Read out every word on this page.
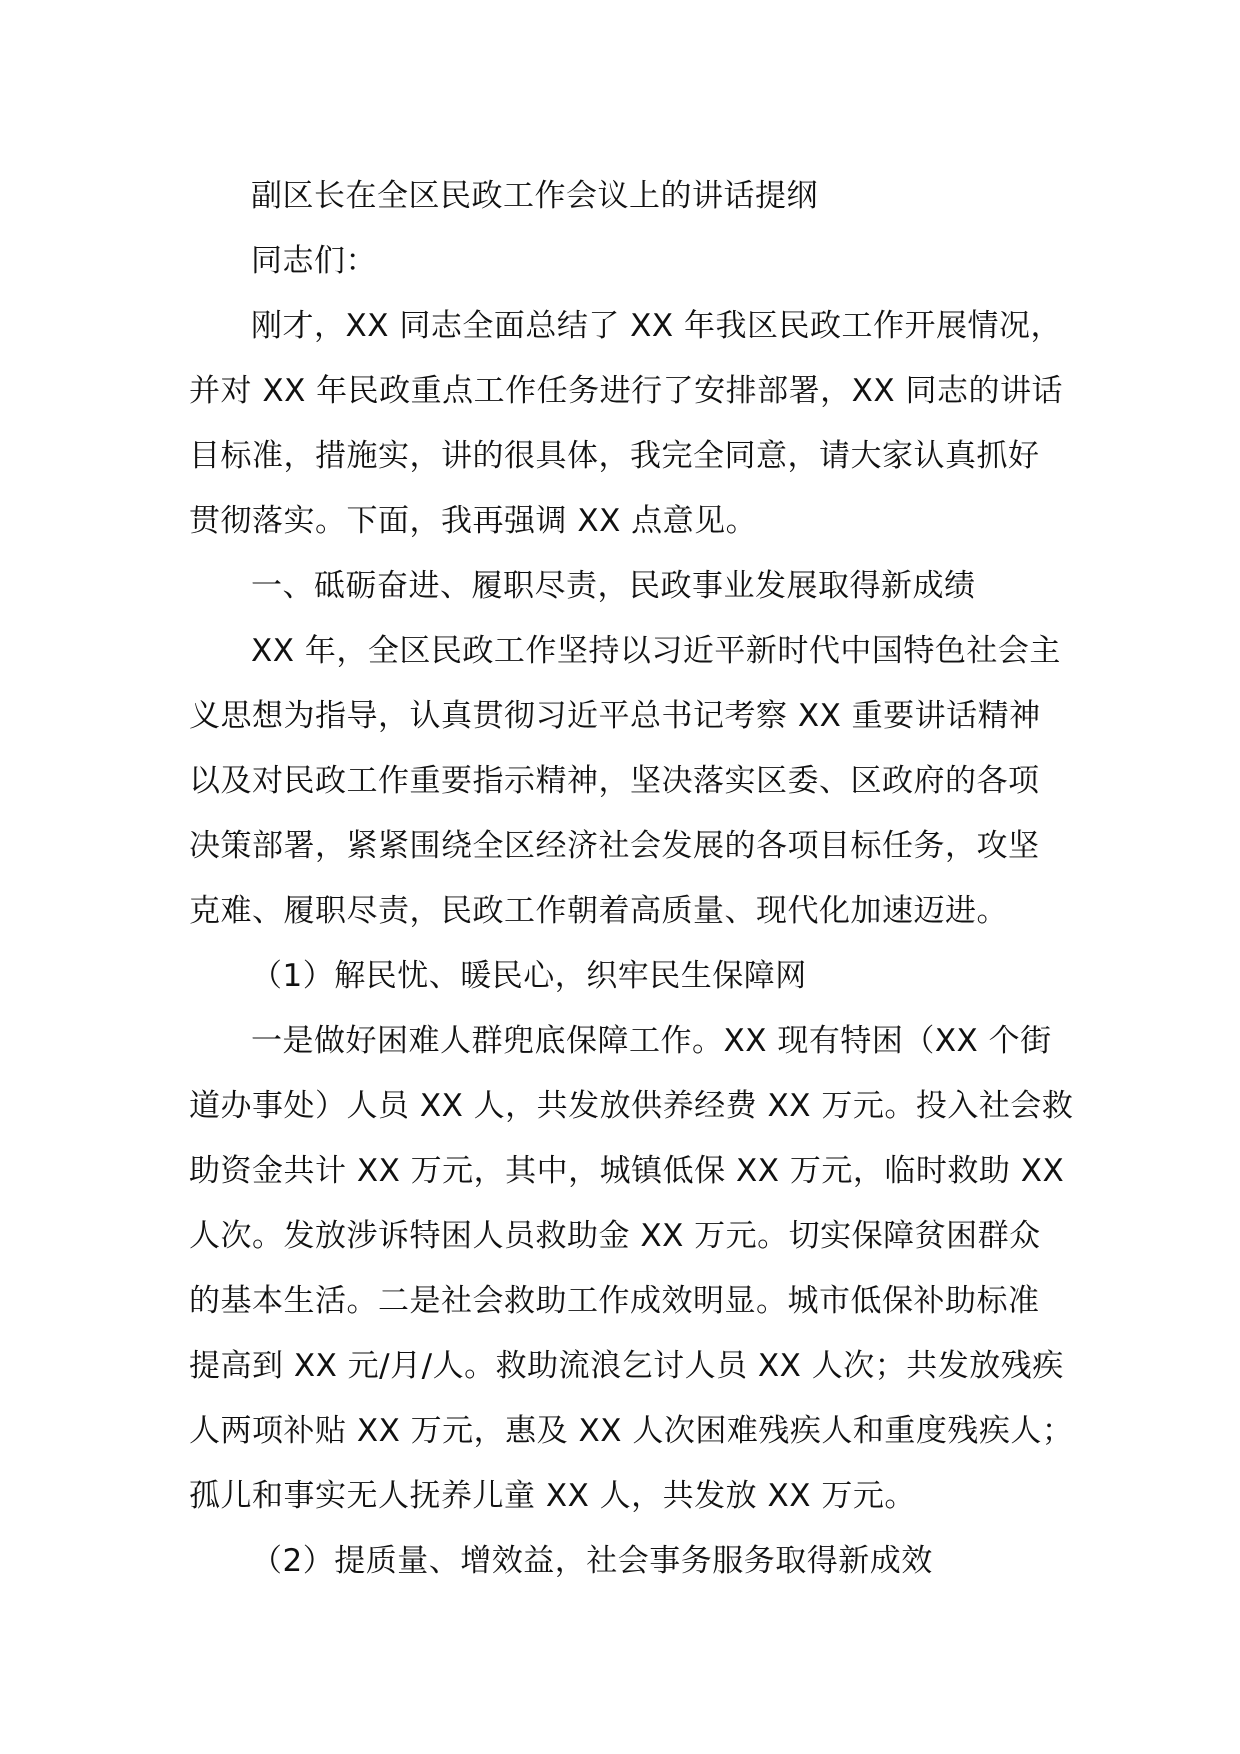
副区长在全区民政工作会议上的讲话提纲
同志们：
刚才，XX 同志全面总结了 XX 年我区民政工作开展情况，
并对 XX 年民政重点工作任务进行了安排部署，XX 同志的讲话
目标准，措施实，讲的很具体，我完全同意，请大家认真抓好
贯彻落实。下面，我再强调 XX 点意见。
一、砥砺奋进、履职尽责，民政事业发展取得新成绩
XX 年，全区民政工作坚持以习近平新时代中国特色社会主
义思想为指导，认真贯彻习近平总书记考察 XX 重要讲话精神
以及对民政工作重要指示精神，坚决落实区委、区政府的各项
决策部署，紧紧围绕全区经济社会发展的各项目标任务，攻坚
克难、履职尽责，民政工作朝着高质量、现代化加速迈进。
（1）解民忧、暖民心，织牢民生保障网
一是做好困难人群兜底保障工作。XX 现有特困（XX 个街
道办事处）人员 XX 人，共发放供养经费 XX 万元。投入社会救
助资金共计 XX 万元，其中，城镇低保 XX 万元，临时救助 XX
人次。发放涉诉特困人员救助金 XX 万元。切实保障贫困群众
的基本生活。二是社会救助工作成效明显。城市低保补助标准
提高到 XX 元/月/人。救助流浪乞讨人员 XX 人次；共发放残疾
人两项补贴 XX 万元，惠及 XX 人次困难残疾人和重度残疾人；
孤儿和事实无人抚养儿童 XX 人，共发放 XX 万元。
（2）提质量、增效益，社会事务服务取得新成效
